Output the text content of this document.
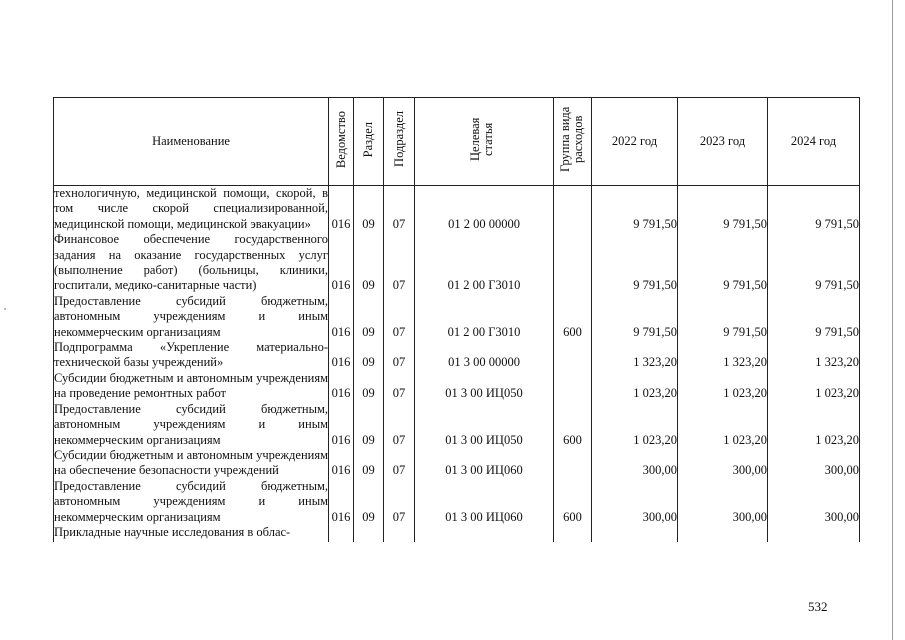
Наименование	Ведомство	Раздел	Подраздел	Целевая статья	Группа вида расходов	2022 год	2023 год	2024 год
технологичную, медицинской помощи, скорой, в том числе скорой специализированной, медицинской помощи, медицинской эвакуации»	016	09	07	01 2 00 00000		9 791,50	9 791,50	9 791,50
Финансовое обеспечение государственного задания на оказание государственных услуг (выполнение работ) (больницы, клиники, госпитали, медико-санитарные части)	016	09	07	01 2 00 Г3010		9 791,50	9 791,50	9 791,50
Предоставление субсидий бюджетным, автономным учреждениям и иным некоммерческим организациям	016	09	07	01 2 00 Г3010	600	9 791,50	9 791,50	9 791,50
Подпрограмма «Укрепление материально-технической базы учреждений»	016	09	07	01 3 00 00000		1 323,20	1 323,20	1 323,20
Субсидии бюджетным и автономным учреждениям на проведение ремонтных работ	016	09	07	01 3 00 ИЦ050		1 023,20	1 023,20	1 023,20
Предоставление субсидий бюджетным, автономным учреждениям и иным некоммерческим организациям	016	09	07	01 3 00 ИЦ050	600	1 023,20	1 023,20	1 023,20
Субсидии бюджетным и автономным учреждениям на обеспечение безопасности учреждений	016	09	07	01 3 00 ИЦ060		300,00	300,00	300,00
Предоставление субсидий бюджетным, автономным учреждениям и иным некоммерческим организациям	016	09	07	01 3 00 ИЦ060	600	300,00	300,00	300,00
Прикладные научные исследования в облас-								
532
